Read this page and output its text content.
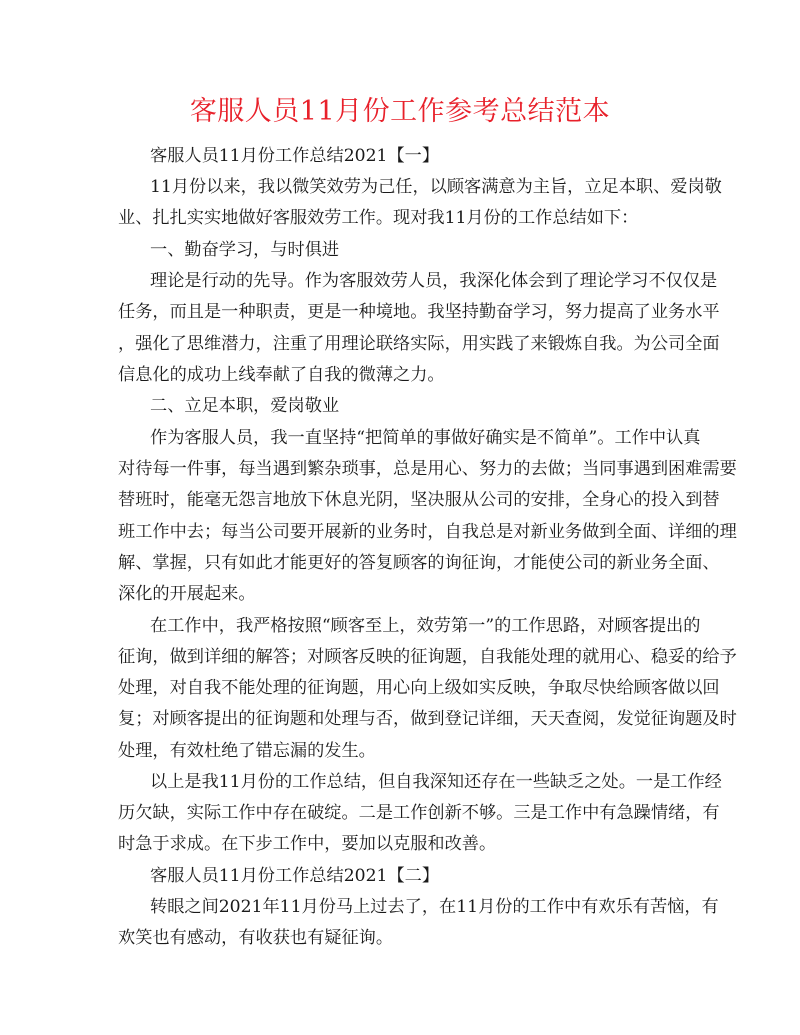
客服人员11月份工作参考总结范本

客服人员11月份工作总结2021【一】

11月份以来，我以微笑效劳为己任，以顾客满意为主旨，立足本职、爱岗敬

业、扎扎实实地做好客服效劳工作。现对我11月份的工作总结如下：

一、勤奋学习，与时俱进

理论是行动的先导。作为客服效劳人员，我深化体会到了理论学习不仅仅是

任务，而且是一种职责，更是一种境地。我坚持勤奋学习，努力提高了业务水平

，强化了思维潜力，注重了用理论联络实际，用实践了来锻炼自我。为公司全面

信息化的成功上线奉献了自我的微薄之力。

二、立足本职，爱岗敬业

作为客服人员，我一直坚持“把简单的事做好确实是不简单”。工作中认真

对待每一件事，每当遇到繁杂琐事，总是用心、努力的去做；当同事遇到困难需要

替班时，能毫无怨言地放下休息光阴，坚决服从公司的安排，全身心的投入到替

班工作中去；每当公司要开展新的业务时，自我总是对新业务做到全面、详细的理

解、掌握，只有如此才能更好的答复顾客的询征询，才能使公司的新业务全面、

深化的开展起来。

在工作中，我严格按照“顾客至上，效劳第一”的工作思路，对顾客提出的

征询，做到详细的解答；对顾客反映的征询题，自我能处理的就用心、稳妥的给予

处理，对自我不能处理的征询题，用心向上级如实反映，争取尽快给顾客做以回

复；对顾客提出的征询题和处理与否，做到登记详细，天天查阅，发觉征询题及时

处理，有效杜绝了错忘漏的发生。

以上是我11月份的工作总结，但自我深知还存在一些缺乏之处。一是工作经

历欠缺，实际工作中存在破绽。二是工作创新不够。三是工作中有急躁情绪，有

时急于求成。在下步工作中，要加以克服和改善。

客服人员11月份工作总结2021【二】

转眼之间2021年11月份马上过去了，在11月份的工作中有欢乐有苦恼，有

欢笑也有感动，有收获也有疑征询。
